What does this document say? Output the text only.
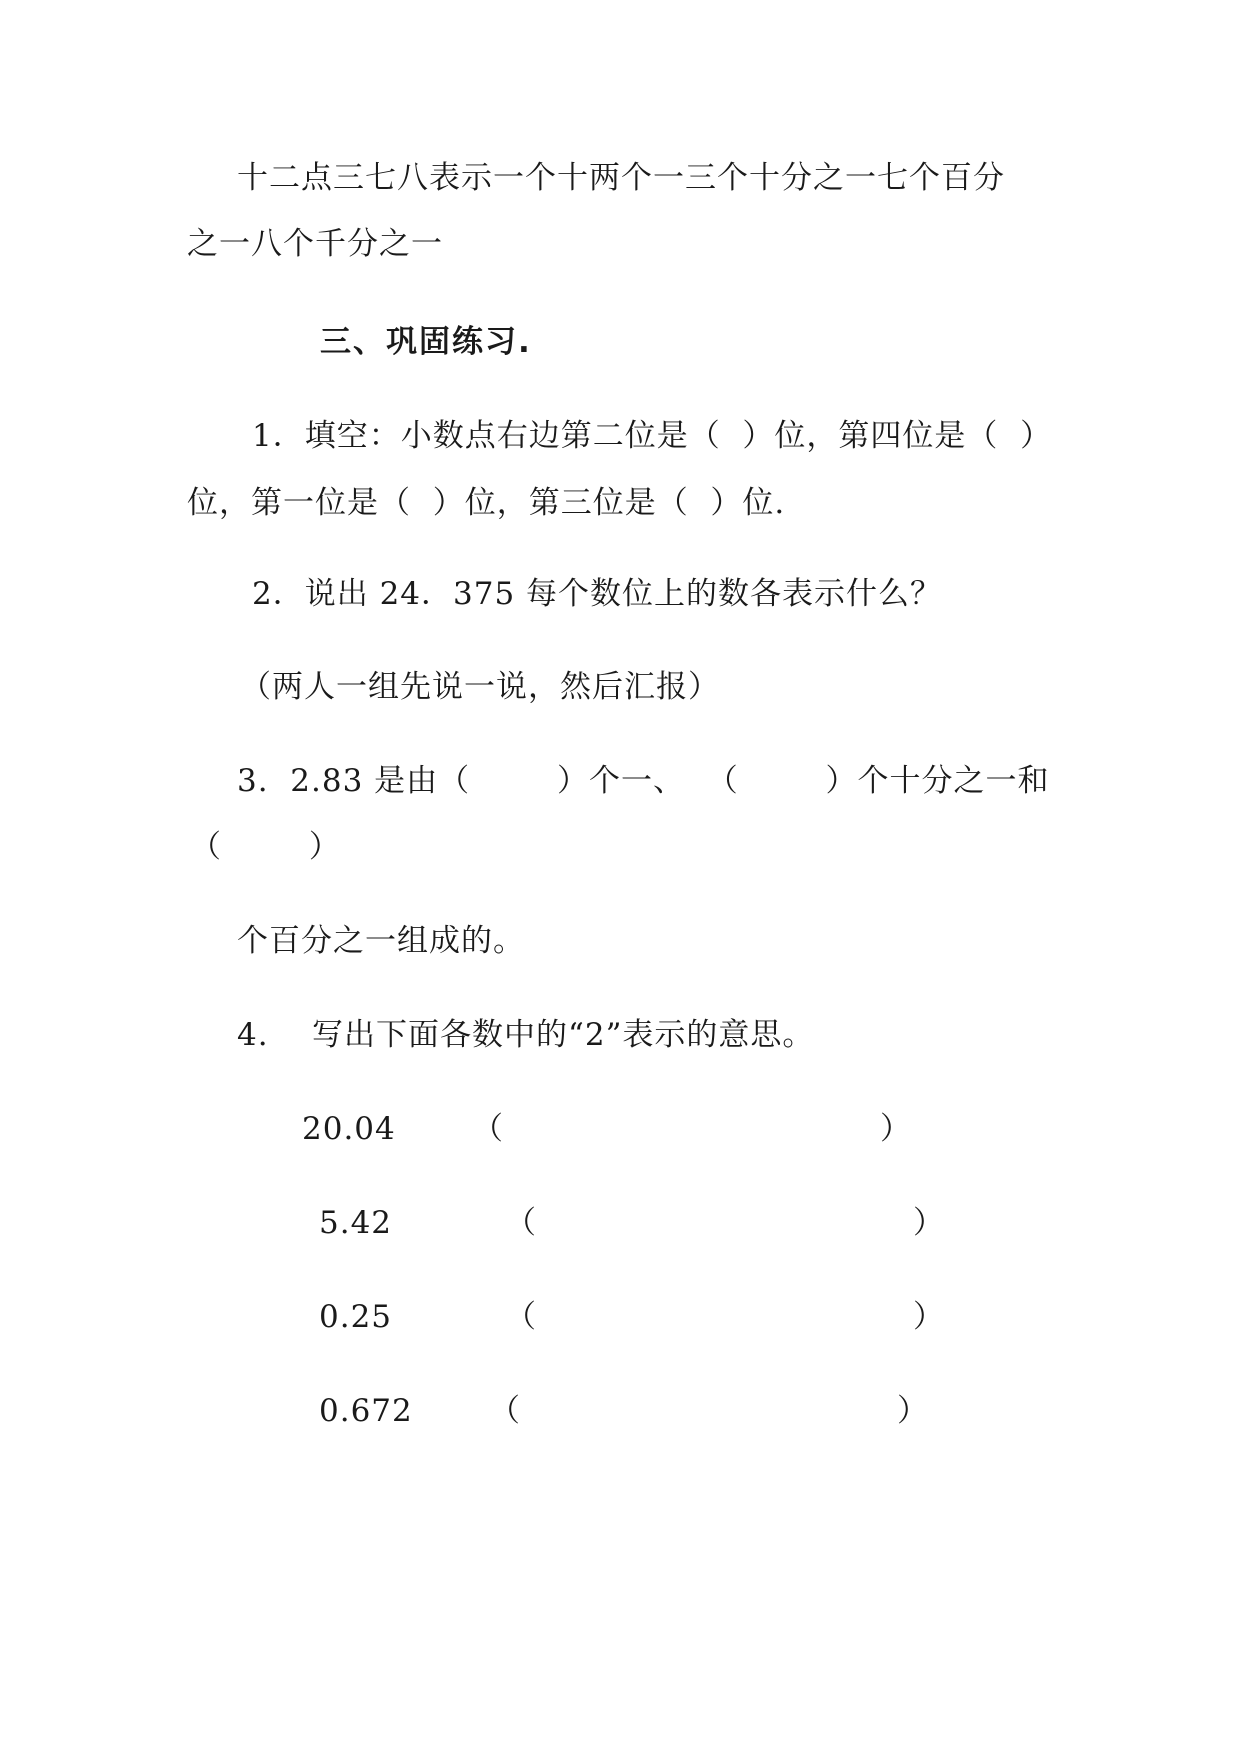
十二点三七八表示一个十两个一三个十分之一七个百分
之一八个千分之一
三、巩固练习.
1．填空：小数点右边第二位是（  ）位，第四位是（  ）
位，第一位是（  ）位，第三位是（  ）位.
2．说出 24．375 每个数位上的数各表示什么？
（两人一组先说一说，然后汇报）
3.  2.83 是由（        ）个一、  （        ）个十分之一和
（        ）
个百分之一组成的。
4.    写出下面各数中的“2”表示的意思。
20.04 （	）
5.42	（	）
0.25	（	）
0.672 （	）
